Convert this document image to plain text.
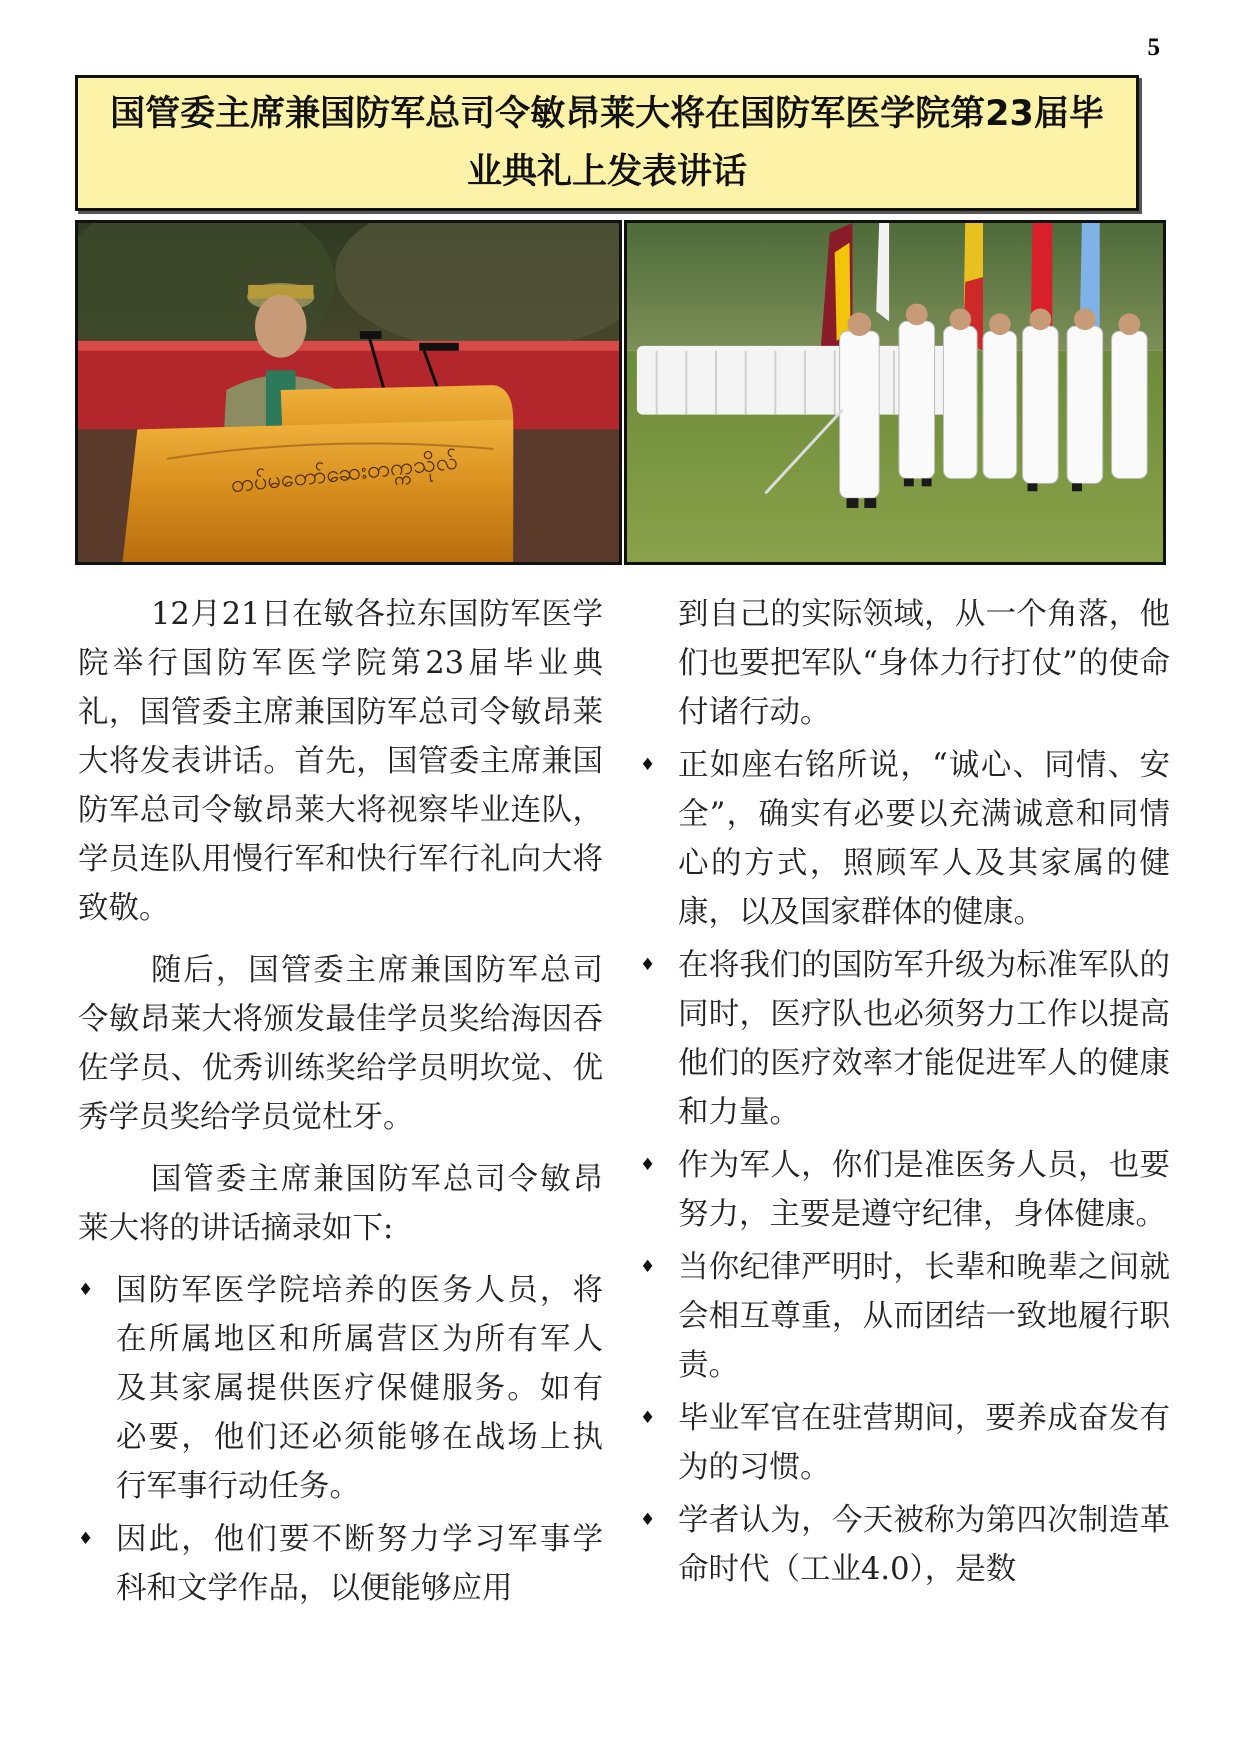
5
国管委主席兼国防军总司令敏昂莱大将在国防军医学院第23届毕业典礼上发表讲话
တပ်မတော်ဆေးတက္ကသိုလ်

12月21日在敏各拉东国防军医学院举行国防军医学院第23届毕业典礼，国管委主席兼国防军总司令敏昂莱大将发表讲话。首先，国管委主席兼国防军总司令敏昂莱大将视察毕业连队，学员连队用慢行军和快行军行礼向大将致敬。

随后，国管委主席兼国防军总司令敏昂莱大将颁发最佳学员奖给海因吞佐学员、优秀训练奖给学员明坎觉、优秀学员奖给学员觉杜牙。

国管委主席兼国防军总司令敏昂莱大将的讲话摘录如下:

♦ 国防军医学院培养的医务人员，将在所属地区和所属营区为所有军人及其家属提供医疗保健服务。如有必要，他们还必须能够在战场上执行军事行动任务。
♦ 因此，他们要不断努力学习军事学科和文学作品，以便能够应用

到自己的实际领域，从一个角落，他们也要把军队“身体力行打仗”的使命付诸行动。

♦ 正如座右铭所说，“诚心、同情、安全”，确实有必要以充满诚意和同情心的方式，照顾军人及其家属的健康，以及国家群体的健康。
♦ 在将我们的国防军升级为标准军队的同时，医疗队也必须努力工作以提高他们的医疗效率才能促进军人的健康和力量。
♦ 作为军人，你们是准医务人员，也要努力，主要是遵守纪律，身体健康。
♦ 当你纪律严明时，长辈和晚辈之间就会相互尊重，从而团结一致地履行职责。
♦ 毕业军官在驻营期间，要养成奋发有为的习惯。
♦ 学者认为，今天被称为第四次制造革命时代（工业4.0），是数
